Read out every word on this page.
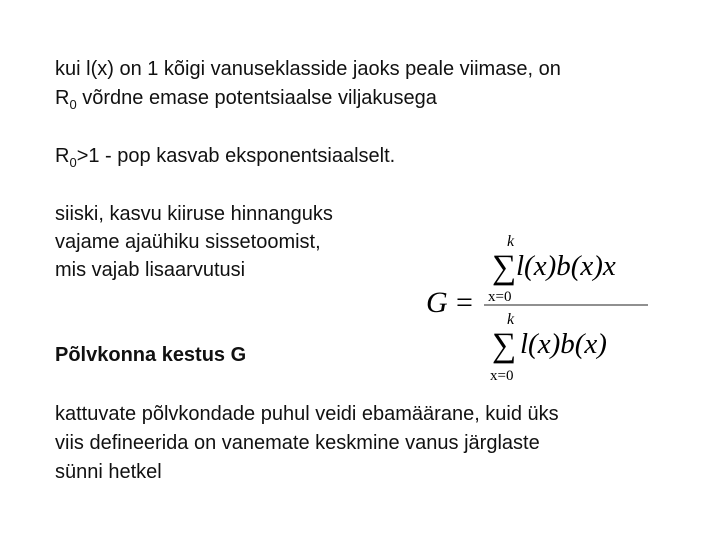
kui l(x) on 1 kõigi vanuseklasside jaoks peale viimase, on
$R_0$ võrdne emase potentsiaalse viljakusega
$R_0>1$ - pop kasvab eksponentsiaalselt.
siiski, kasvu kiiruse hinnanguks
vajame ajaühiku sissetoomist,
mis vajab lisaarvutusi
Põlvkonna kestus G
kattuvate põlvkondade puhul veidi ebamäärane, kuid üks
viis defineerida on vanemate keskmine vanus järglaste
sünni hetkel
G =
k
∑
x=0
l(x)b(x)x
k
∑
x=0
l(x)b(x)
